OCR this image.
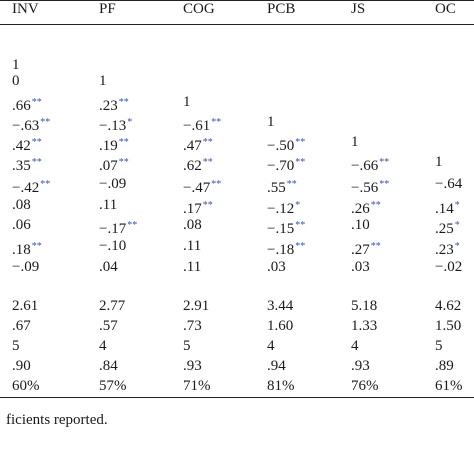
INV	PF	COG	PCB	JS	OC
1
0	1
.66**	.23**	1
−.63**	−.13*	−.61**	1
.42**	.19**	.47**	−.50**	1
.35**	.07**	.62**	−.70**	−.66**	1
−.42**	−.09	−.47**	.55**	−.56**	−.64
.08	.11	.17**	−.12*	.26**	.14*
.06	−.17**	.08	−.15**	.10	.25*
.18**	−.10	.11	−.18**	.27**	.23*
−.09	.04	.11	.03	.03	−.02
2.61	2.77	2.91	3.44	5.18	4.62
.67	.57	.73	1.60	1.33	1.50
5	4	5	4	4	5
.90	.84	.93	.94	.93	.89
60%	57%	71%	81%	76%	61%
ficients reported.
